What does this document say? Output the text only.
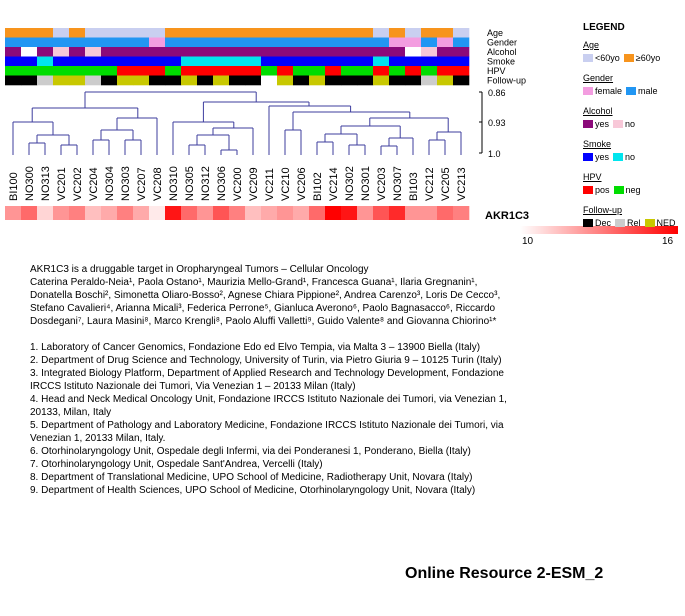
Age
Gender
Alcohol
Smoke
HPV
Follow-up
0.86
0.93
1.0
BI100 NO300 NO313 VC201 VC202 VC204 NO304 NO303 VC207 VC208 NO310 NO305 NO312 NO306 VC200 VC209 VC211 VC210 VC206 BI102 VC214 NO302 NO301 VC203 NO307 BI103 VC212 VC205 VC213
AKR1C3
10	16
LEGEND
Age
<60yo ≥60yo
Gender
female male
Alcohol
yes no
Smoke
yes no
HPV
pos neg
Follow-up
Dec Rel NED

AKR1C3 is a druggable target in Oropharyngeal Tumors – Cellular Oncology

Caterina Peraldo-Neia¹, Paola Ostano¹, Maurizia Mello-Grand¹, Francesca Guana¹, Ilaria Gregnanin¹, Donatella Boschi², Simonetta Oliaro-Bosso², Agnese Chiara Pippione², Andrea Carenzo³, Loris De Cecco³, Stefano Cavalieri⁴, Arianna Micali³, Federica Perrone⁵, Gianluca Averono⁶, Paolo Bagnasacco⁶, Riccardo Dosdegani⁷, Laura Masini⁸, Marco Krengli⁸, Paolo Aluffi Valletti⁹, Guido Valente⁸ and Giovanna Chiorino¹*

1. Laboratory of Cancer Genomics, Fondazione Edo ed Elvo Tempia, via Malta 3 – 13900 Biella (Italy)

2. Department of Drug Science and Technology, University of Turin, via Pietro Giuria 9 – 10125 Turin (Italy)

3. Integrated Biology Platform, Department of Applied Research and Technology Development, Fondazione IRCCS Istituto Nazionale dei Tumori, Via Venezian 1 – 20133 Milan (Italy)

4. Head and Neck Medical Oncology Unit, Fondazione IRCCS Istituto Nazionale dei Tumori, via Venezian 1, 20133, Milan, Italy

5. Department of Pathology and Laboratory Medicine, Fondazione IRCCS Istituto Nazionale dei Tumori, via Venezian 1, 20133 Milan, Italy.

6. Otorhinolaryngology Unit, Ospedale degli Infermi, via dei Ponderanesi 1, Ponderano, Biella (Italy)

7. Otorhinolaryngology Unit, Ospedale Sant'Andrea, Vercelli (Italy)

8. Department of Translational Medicine, UPO School of Medicine, Radiotherapy Unit, Novara (Italy)

9. Department of Health Sciences, UPO School of Medicine, Otorhinolaryngology Unit, Novara (Italy)

Online Resource 2-ESM_2
